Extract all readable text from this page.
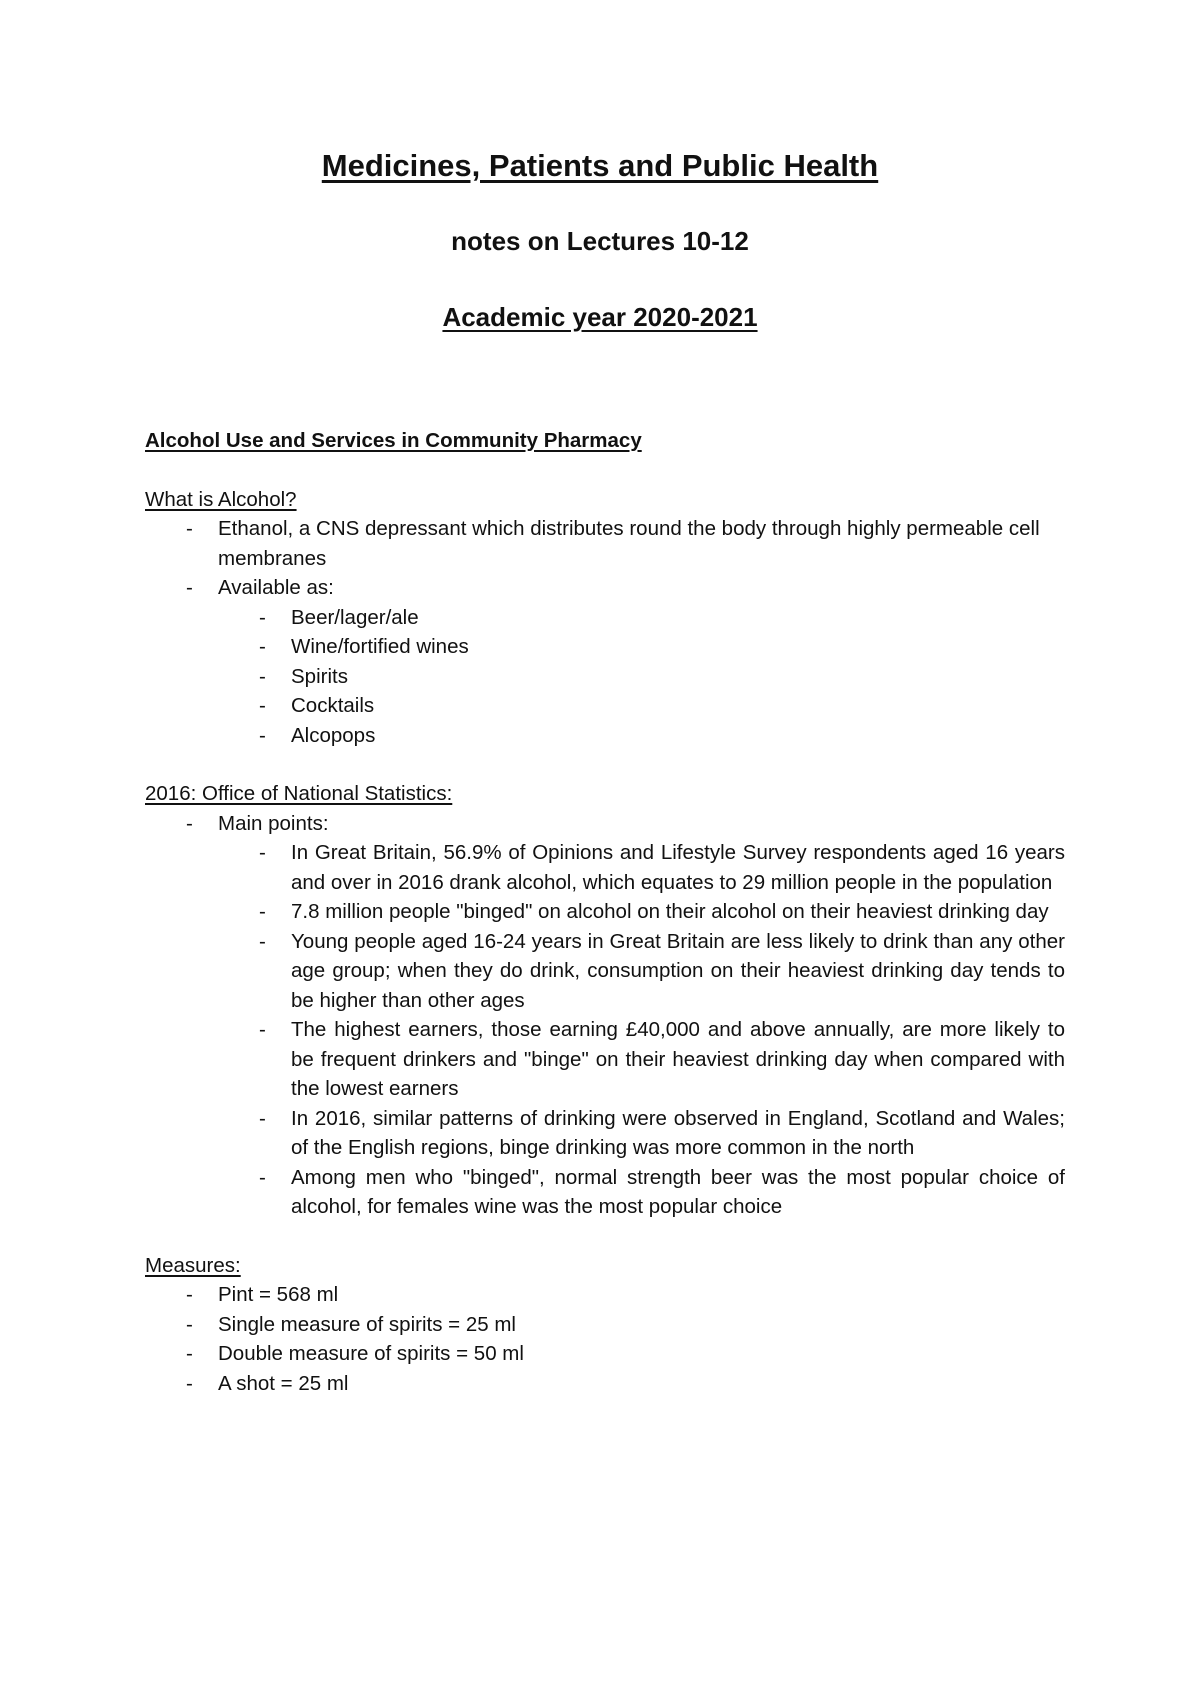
Medicines, Patients and Public Health
notes on Lectures 10-12
Academic year 2020-2021

Alcohol Use and Services in Community Pharmacy

What is Alcohol?

- Ethanol, a CNS depressant which distributes round the body through highly permeable cell membranes
- Available as:
- Beer/lager/ale
- Wine/fortified wines
- Spirits
- Cocktails
- Alcopops

2016: Office of National Statistics:

- Main points:
- In Great Britain, 56.9% of Opinions and Lifestyle Survey respondents aged 16 years and over in 2016 drank alcohol, which equates to 29 million people in the population
- 7.8 million people "binged" on alcohol on their alcohol on their heaviest drinking day
- Young people aged 16-24 years in Great Britain are less likely to drink than any other age group; when they do drink, consumption on their heaviest drinking day tends to be higher than other ages
- The highest earners, those earning £40,000 and above annually, are more likely to be frequent drinkers and "binge" on their heaviest drinking day when compared with the lowest earners
- In 2016, similar patterns of drinking were observed in England, Scotland and Wales; of the English regions, binge drinking was more common in the north
- Among men who "binged", normal strength beer was the most popular choice of alcohol, for females wine was the most popular choice

Measures:

- Pint = 568 ml
- Single measure of spirits = 25 ml
- Double measure of spirits = 50 ml
- A shot = 25 ml
